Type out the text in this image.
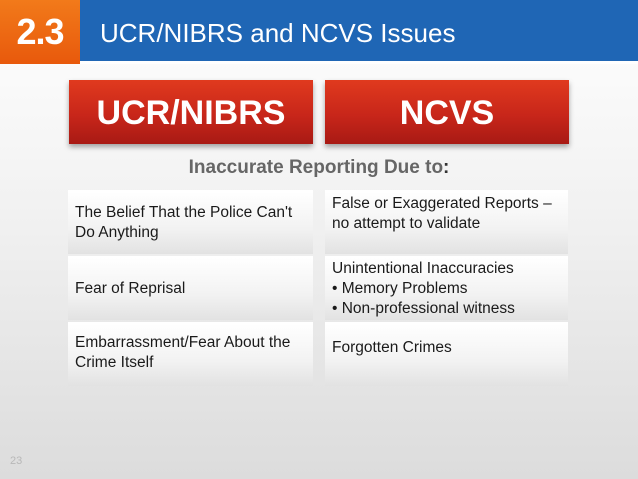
2.3	UCR/NIBRS and NCVS Issues
UCR/NIBRS	NCVS
Inaccurate Reporting Due to:
The Belief That the Police Can't Do Anything
False or Exaggerated Reports – no attempt to validate
Fear of Reprisal
Unintentional Inaccuracies
• Memory Problems
• Non-professional witness
Embarrassment/Fear About the Crime Itself
Forgotten Crimes
23
